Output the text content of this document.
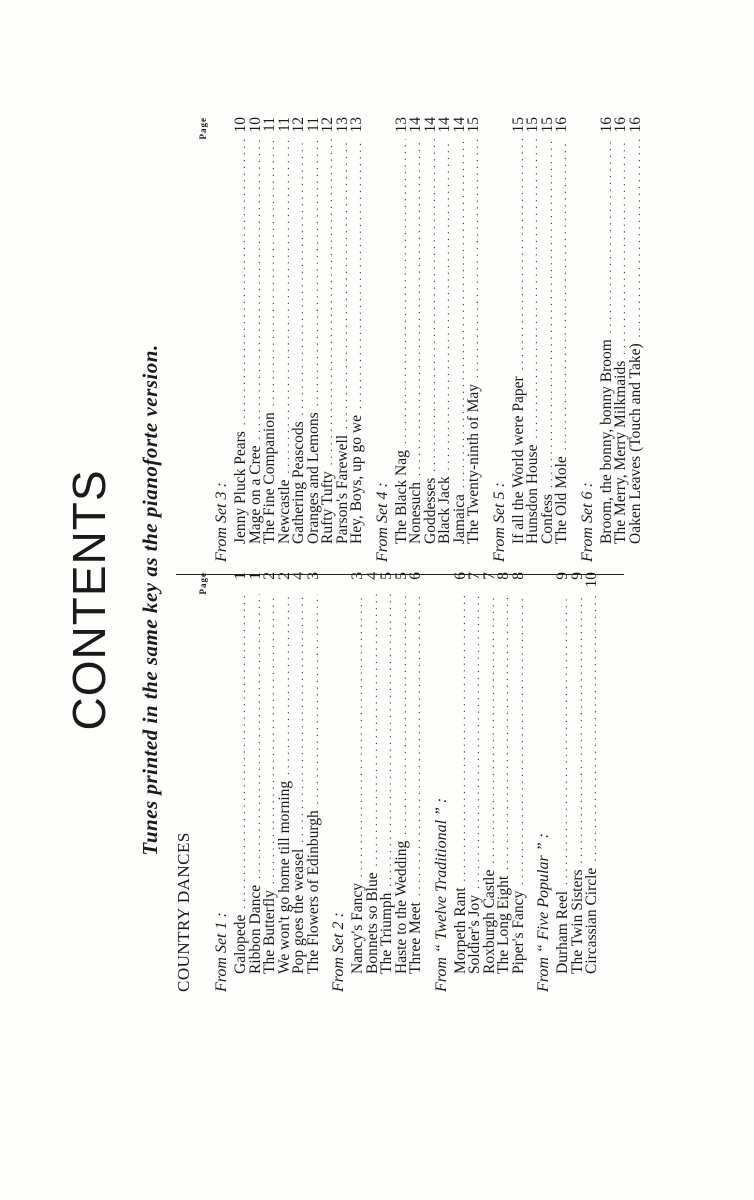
CONTENTS Tunes printed in the same key as the pianoforte version.
COUNTRY DANCES
Page
From Set 1 : Galopede
.....
1
Ribbon Dance
.....
1
The Butterfly
.....
2
We won't go home till morning
.....
2
Pop goes the weasel
.....
4
The Flowers of Edinburgh
.....
3
From Set 2 : Nancy's Fancy
.....
3
Bonnets so Blue
.....
4
The Triumph
.....
5
Haste to the Wedding
.....
5
Three Meet
.....
6
From “ Twelve Traditional ” : Morpeth Rant
.....
6
Soldier's Joy
.....
7
Roxburgh Castle
.....
7
The Long Eight
.....
8
Piper's Fancy
.....
8
From “ Five Popular ” : Durham Reel
.....
9
The Twin Sisters
.....
9
Circassian Circle
.....
10
Page
From Set 3 : Jenny Pluck Pears
.....
10
Mage on a Cree
.....
10
The Fine Companion
.....
11
Newcastle
.....
11
Gathering Peascods
.....
12
Oranges and Lemons
.....
11
Rufty Tufty
.....
12
Parson's Farewell
.....
13
Hey, Boys, up go we
.....
13
From Set 4 : The Black Nag
.....
13
Nonesuch
.....
14
Goddesses
.....
14
Black Jack
.....
14
Jamaica
.....
14
The Twenty-ninth of May
.....
15
From Set 5 : If all the World were Paper
.....
15
Hunsdon House
.....
15
Confess
.....
15
The Old Mole
.....
16
From Set 6 : Broom, the bonny, bonny Broom
.....
16
The Merry, Merry Milkmaids
.....
16
Oaken Leaves (Touch and Take)
.....
16
